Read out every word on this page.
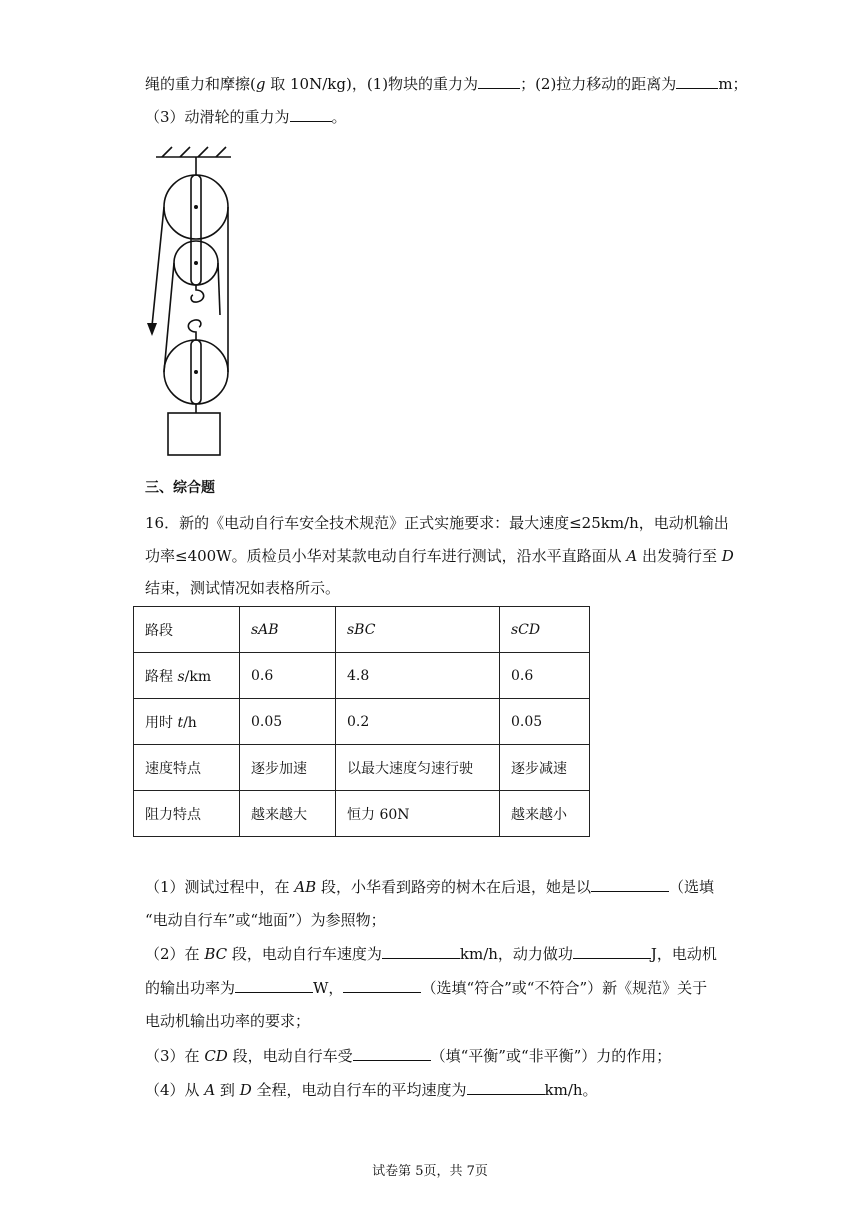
绳的重力和摩擦(g 取 10N/kg)，(1)物块的重力为	；(2)拉力移动的距离为	m；
（3）动滑轮的重力为	。
三、综合题
16．新的《电动自行车安全技术规范》正式实施要求：最大速度≤25km/h，电动机输出
功率≤400W。质检员小华对某款电动自行车进行测试，沿水平直路面从 A 出发骑行至 D
结束，测试情况如表格所示。
路段	sAB	sBC	sCD
路程 s/km	0.6	4.8	0.6
用时 t/h	0.05	0.2	0.05
速度特点	逐步加速	以最大速度匀速行驶	逐步减速
阻力特点	越来越大	恒力 60N	越来越小
（1）测试过程中，在 AB 段，小华看到路旁的树木在后退，她是以	（选填
“电动自行车”或“地面”）为参照物；
（2）在 BC 段，电动自行车速度为	km/h，动力做功	J，电动机
的输出功率为	W，	（选填“符合”或“不符合”）新《规范》关于
电动机输出功率的要求；
（3）在 CD 段，电动自行车受	（填“平衡”或“非平衡”）力的作用；
（4）从 A 到 D 全程，电动自行车的平均速度为	km/h。
试卷第 5页，共 7页
